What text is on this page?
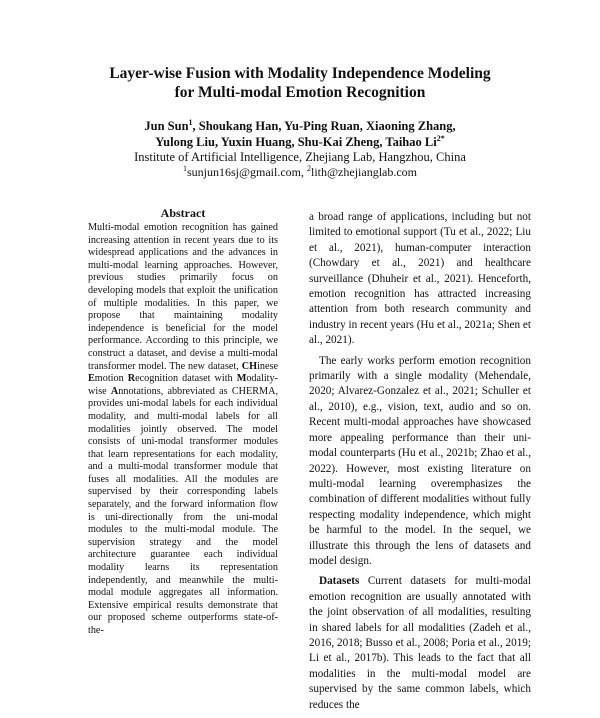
Layer-wise Fusion with Modality Independence Modeling
for Multi-modal Emotion Recognition
Jun Sun$^1$, Shoukang Han, Yu-Ping Ruan, Xiaoning Zhang,
Yulong Liu, Yuxin Huang, Shu-Kai Zheng, Taihao $Li^{2*}$
Institute of Artificial Intelligence, Zhejiang Lab, Hangzhou, China
$^1$sunjun16sj@gmail.com, $^2$lith@zhejianglab.com
Abstract

Multi-modal emotion recognition has gained increasing attention in recent years due to its widespread applications and the advances in multi-modal learning approaches. However, previous studies primarily focus on developing models that exploit the unification of multiple modalities. In this paper, we propose that maintaining modality independence is beneficial for the model performance. According to this principle, we construct a dataset, and devise a multi-modal transformer model. The new dataset, CHinese Emotion Recognition dataset with Modality-wise Annotations, abbreviated as CHERMA, provides uni-modal labels for each individual modality, and multi-modal labels for all modalities jointly observed. The model consists of uni-modal transformer modules that learn representations for each modality, and a multi-modal transformer module that fuses all modalities. All the modules are supervised by their corresponding labels separately, and the forward information flow is uni-directionally from the uni-modal modules to the multi-modal module. The supervision strategy and the model architecture guarantee each individual modality learns its representation independently, and meanwhile the multi-modal module aggregates all information. Extensive empirical results demonstrate that our proposed scheme outperforms state-of-the-

a broad range of applications, including but not limited to emotional support (Tu et al., 2022; Liu et al., 2021), human-computer interaction (Chowdary et al., 2021) and healthcare surveillance (Dhuheir et al., 2021). Henceforth, emotion recognition has attracted increasing attention from both research community and industry in recent years (Hu et al., 2021a; Shen et al., 2021).

The early works perform emotion recognition primarily with a single modality (Mehendale, 2020; Alvarez-Gonzalez et al., 2021; Schuller et al., 2010), e.g., vision, text, audio and so on. Recent multi-modal approaches have showcased more appealing performance than their uni-modal counterparts (Hu et al., 2021b; Zhao et al., 2022). However, most existing literature on multi-modal learning overemphasizes the combination of different modalities without fully respecting modality independence, which might be harmful to the model. In the sequel, we illustrate this through the lens of datasets and model design.

Datasets Current datasets for multi-modal emotion recognition are usually annotated with the joint observation of all modalities, resulting in shared labels for all modalities (Zadeh et al., 2016, 2018; Busso et al., 2008; Poria et al., 2019; Li et al., 2017b). This leads to the fact that all modalities in the multi-modal model are supervised by the same common labels, which reduces the
